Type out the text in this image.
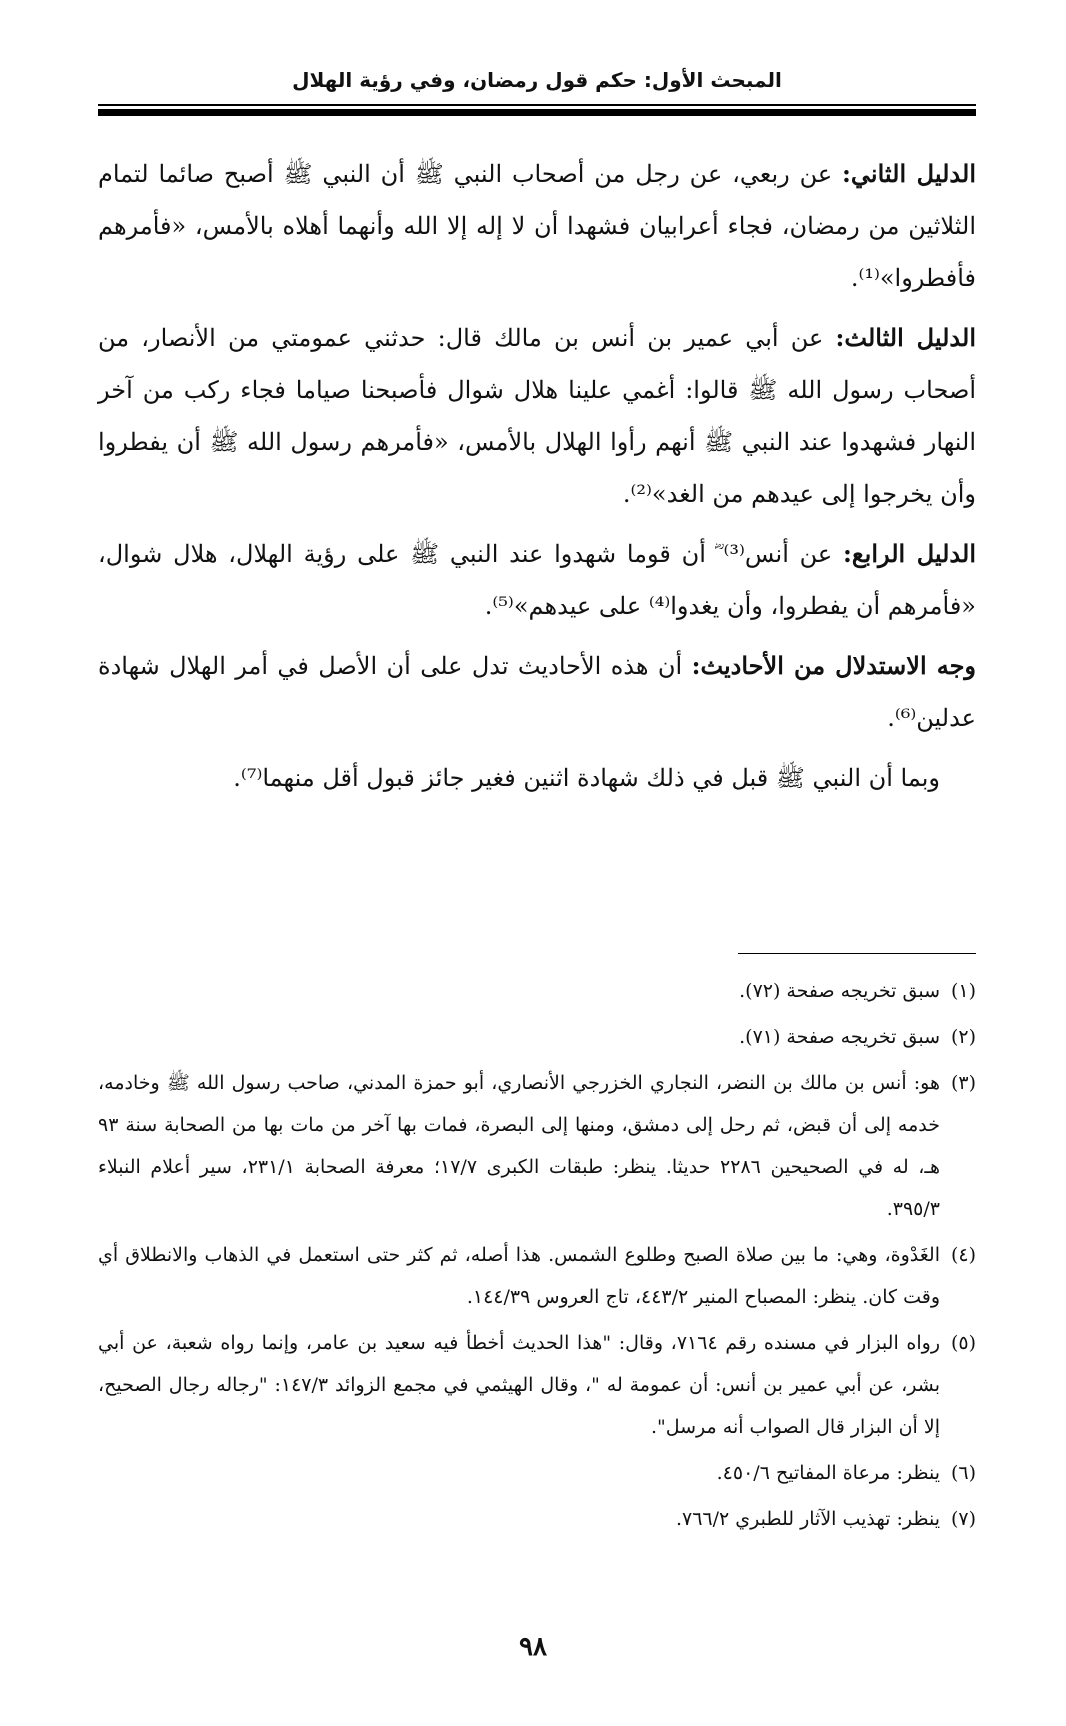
المبحث الأول: حكم قول رمضان، وفي رؤية الهلال

الدليل الثاني: عن ربعي، عن رجل من أصحاب النبي ﷺ أن النبي ﷺ أصبح صائما لتمام الثلاثين من رمضان، فجاء أعرابيان فشهدا أن لا إله إلا الله وأنهما أهلاه بالأمس، «فأمرهم فأفطروا»⁽¹⁾.

الدليل الثالث: عن أبي عمير بن أنس بن مالك قال: حدثني عمومتي من الأنصار، من أصحاب رسول الله ﷺ قالوا: أغمي علينا هلال شوال فأصبحنا صياما فجاء ركب من آخر النهار فشهدوا عند النبي ﷺ أنهم رأوا الهلال بالأمس، «فأمرهم رسول الله ﷺ أن يفطروا وأن يخرجوا إلى عيدهم من الغد»⁽²⁾.

الدليل الرابع: عن أنس⁽³⁾ ؓ أن قوما شهدوا عند النبي ﷺ على رؤية الهلال، هلال شوال، «فأمرهم أن يفطروا، وأن يغدوا⁽⁴⁾ على عيدهم»⁽⁵⁾.

وجه الاستدلال من الأحاديث: أن هذه الأحاديث تدل على أن الأصل في أمر الهلال شهادة عدلين⁽⁶⁾.

وبما أن النبي ﷺ قبل في ذلك شهادة اثنين فغير جائز قبول أقل منهما⁽⁷⁾.

(١)
سبق تخريجه صفحة (٧٢).

(٢)
سبق تخريجه صفحة (٧١).

(٣)
هو: أنس بن مالك بن النضر، النجاري الخزرجي الأنصاري، أبو حمزة المدني، صاحب رسول الله ﷺ وخادمه، خدمه إلى أن قبض، ثم رحل إلى دمشق، ومنها إلى البصرة، فمات بها آخر من مات بها من الصحابة سنة ٩٣ هـ، له في الصحيحين ٢٢٨٦ حديثا. ينظر: طبقات الكبرى ١٧/٧؛ معرفة الصحابة ٢٣١/١، سير أعلام النبلاء ٣٩٥/٣.

(٤)
الغَدْوة، وهي: ما بين صلاة الصبح وطلوع الشمس. هذا أصله، ثم كثر حتى استعمل في الذهاب والانطلاق أي وقت كان. ينظر: المصباح المنير ٤٤٣/٢، تاج العروس ١٤٤/٣٩.

(٥)
رواه البزار في مسنده رقم ٧١٦٤، وقال: "هذا الحديث أخطأ فيه سعيد بن عامر، وإنما رواه شعبة، عن أبي بشر، عن أبي عمير بن أنس: أن عمومة له "، وقال الهيثمي في مجمع الزوائد ١٤٧/٣: "رجاله رجال الصحيح، إلا أن البزار قال الصواب أنه مرسل".

(٦)
ينظر: مرعاة المفاتيح ٤٥٠/٦.

(٧)
ينظر: تهذيب الآثار للطبري ٧٦٦/٢.

٩٨
